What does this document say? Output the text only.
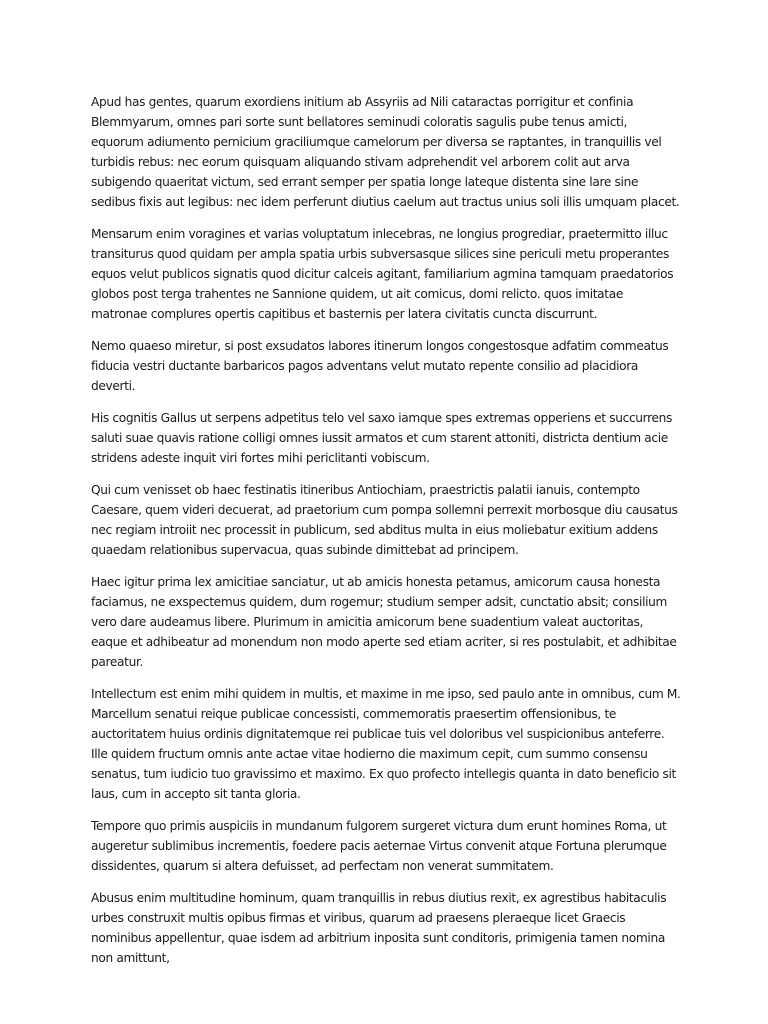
Apud has gentes, quarum exordiens initium ab Assyriis ad Nili cataractas porrigitur et confinia Blemmyarum, omnes pari sorte sunt bellatores seminudi coloratis sagulis pube tenus amicti, equorum adiumento pernicium graciliumque camelorum per diversa se raptantes, in tranquillis vel turbidis rebus: nec eorum quisquam aliquando stivam adprehendit vel arborem colit aut arva subigendo quaeritat victum, sed errant semper per spatia longe lateque distenta sine lare sine sedibus fixis aut legibus: nec idem perferunt diutius caelum aut tractus unius soli illis umquam placet.

Mensarum enim voragines et varias voluptatum inlecebras, ne longius progrediar, praetermitto illuc transiturus quod quidam per ampla spatia urbis subversasque silices sine periculi metu properantes equos velut publicos signatis quod dicitur calceis agitant, familiarium agmina tamquam praedatorios globos post terga trahentes ne Sannione quidem, ut ait comicus, domi relicto. quos imitatae matronae complures opertis capitibus et basternis per latera civitatis cuncta discurrunt.

Nemo quaeso miretur, si post exsudatos labores itinerum longos congestosque adfatim commeatus fiducia vestri ductante barbaricos pagos adventans velut mutato repente consilio ad placidiora deverti.

His cognitis Gallus ut serpens adpetitus telo vel saxo iamque spes extremas opperiens et succurrens saluti suae quavis ratione colligi omnes iussit armatos et cum starent attoniti, districta dentium acie stridens adeste inquit viri fortes mihi periclitanti vobiscum.

Qui cum venisset ob haec festinatis itineribus Antiochiam, praestrictis palatii ianuis, contempto Caesare, quem videri decuerat, ad praetorium cum pompa sollemni perrexit morbosque diu causatus nec regiam introiit nec processit in publicum, sed abditus multa in eius moliebatur exitium addens quaedam relationibus supervacua, quas subinde dimittebat ad principem.

Haec igitur prima lex amicitiae sanciatur, ut ab amicis honesta petamus, amicorum causa honesta faciamus, ne exspectemus quidem, dum rogemur; studium semper adsit, cunctatio absit; consilium vero dare audeamus libere. Plurimum in amicitia amicorum bene suadentium valeat auctoritas, eaque et adhibeatur ad monendum non modo aperte sed etiam acriter, si res postulabit, et adhibitae pareatur.

Intellectum est enim mihi quidem in multis, et maxime in me ipso, sed paulo ante in omnibus, cum M. Marcellum senatui reique publicae concessisti, commemoratis praesertim offensionibus, te auctoritatem huius ordinis dignitatemque rei publicae tuis vel doloribus vel suspicionibus anteferre. Ille quidem fructum omnis ante actae vitae hodierno die maximum cepit, cum summo consensu senatus, tum iudicio tuo gravissimo et maximo. Ex quo profecto intellegis quanta in dato beneficio sit laus, cum in accepto sit tanta gloria.

Tempore quo primis auspiciis in mundanum fulgorem surgeret victura dum erunt homines Roma, ut augeretur sublimibus incrementis, foedere pacis aeternae Virtus convenit atque Fortuna plerumque dissidentes, quarum si altera defuisset, ad perfectam non venerat summitatem.

Abusus enim multitudine hominum, quam tranquillis in rebus diutius rexit, ex agrestibus habitaculis urbes construxit multis opibus firmas et viribus, quarum ad praesens pleraeque licet Graecis nominibus appellentur, quae isdem ad arbitrium inposita sunt conditoris, primigenia tamen nomina non amittunt,
